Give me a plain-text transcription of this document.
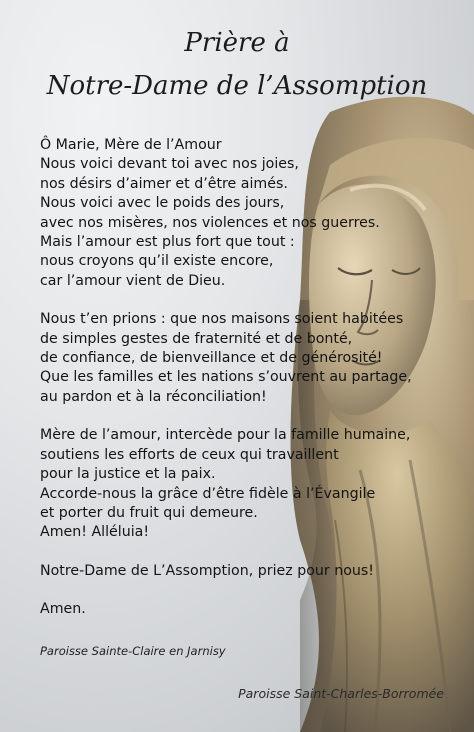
Prière à
Notre-Dame de l’Assomption

Ô Marie, Mère de l’Amour
Nous voici devant toi avec nos joies,
nos désirs d’aimer et d’être aimés.
Nous voici avec le poids des jours,
avec nos misères, nos violences et nos guerres.
Mais l’amour est plus fort que tout :
nous croyons qu’il existe encore,
car l’amour vient de Dieu.

Nous t’en prions : que nos maisons soient habitées
de simples gestes de fraternité et de bonté,
de confiance, de bienveillance et de générosité!
Que les familles et les nations s’ouvrent au partage,
au pardon et à la réconciliation!

Mère de l’amour, intercède pour la famille humaine,
soutiens les efforts de ceux qui travaillent
pour la justice et la paix.
Accorde-nous la grâce d’être fidèle à l’Évangile
et porter du fruit qui demeure.
Amen! Alléluia!

Notre-Dame de L’Assomption, priez pour nous!

Amen.

Paroisse Sainte-Claire en Jarnisy
Paroisse Saint-Charles-Borromée
